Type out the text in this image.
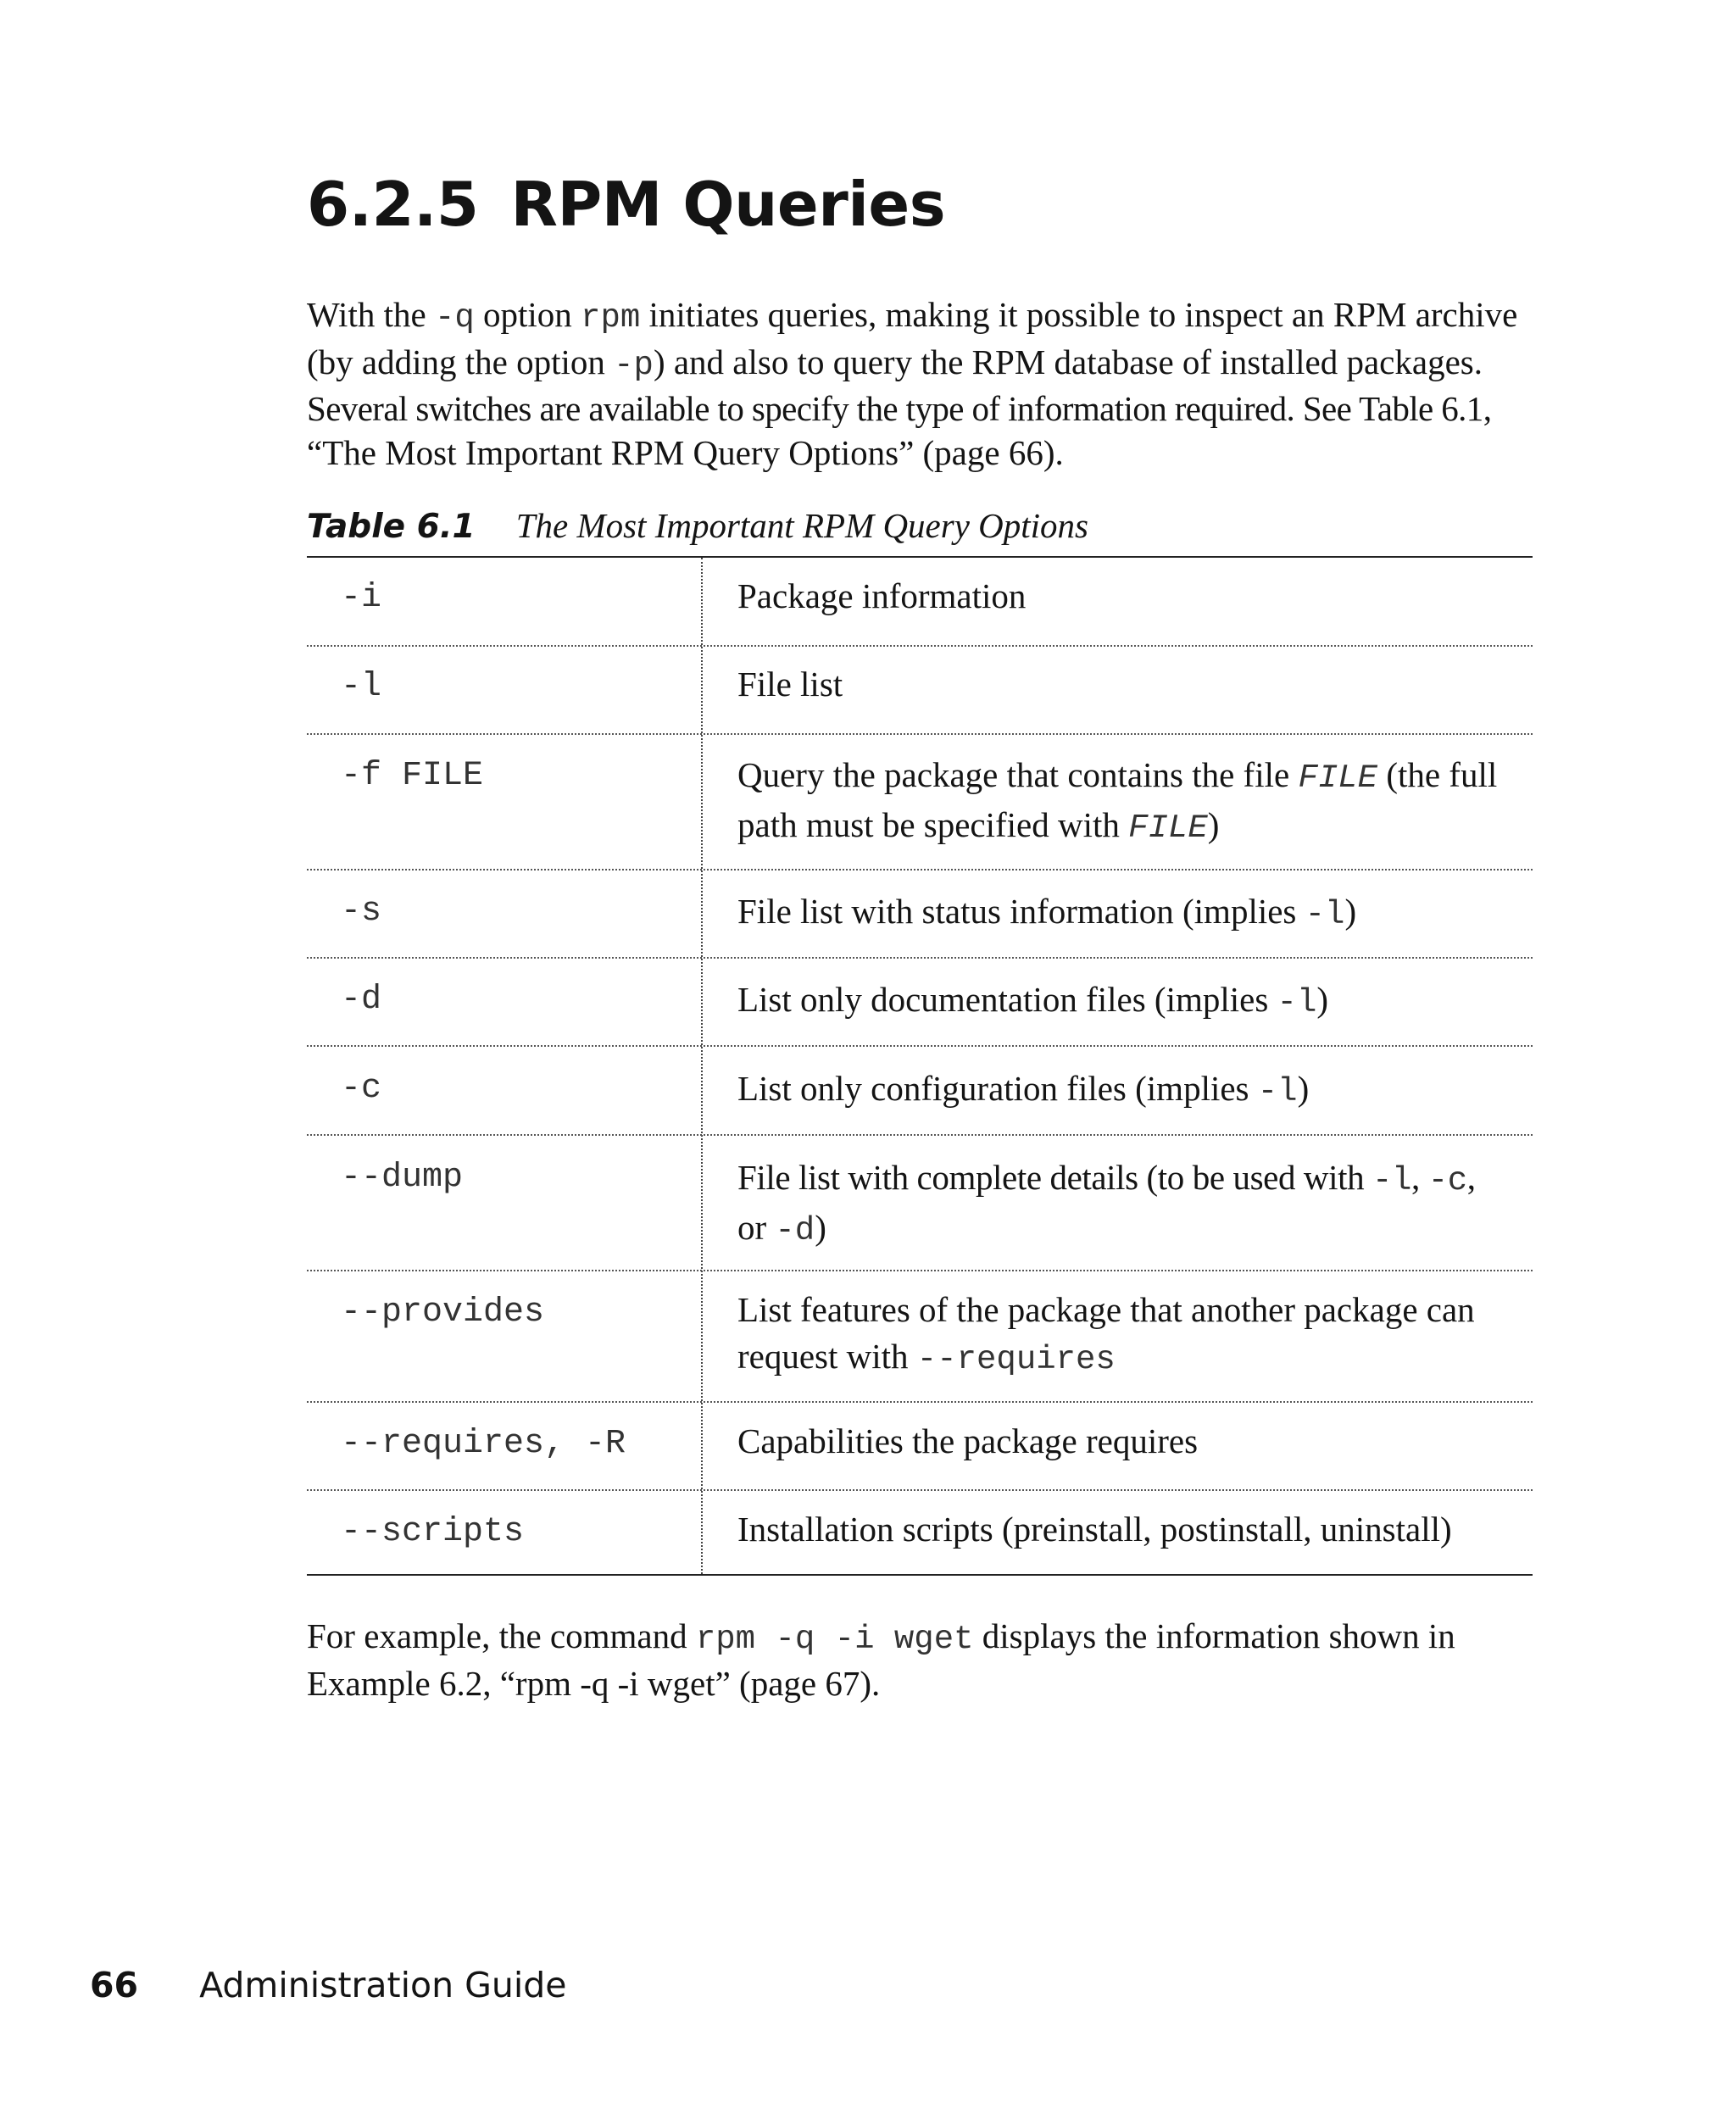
6.2.5 RPM Queries

With the -q option rpm initiates queries, making it possible to inspect an RPM archive
(by adding the option -p) and also to query the RPM database of installed packages.
Several switches are available to specify the type of information required. See Table 6.1,
“The Most Important RPM Query Options” (page 66).

Table 6.1 The Most Important RPM Query Options
-i	Package information
-l	File list
-f FILE	Query the package that contains the file FILE (the full
path must be specified with FILE)
-s	File list with status information (implies -l)
-d	List only documentation files (implies -l)
-c	List only configuration files (implies -l)
--dump	File list with complete details (to be used with -l, -c,
or -d)
--provides	List features of the package that another package can
request with --requires
--requires, -R	Capabilities the package requires
--scripts	Installation scripts (preinstall, postinstall, uninstall)

For example, the command rpm -q -i wget displays the information shown in
Example 6.2, “rpm -q -i wget” (page 67).

66 Administration Guide
